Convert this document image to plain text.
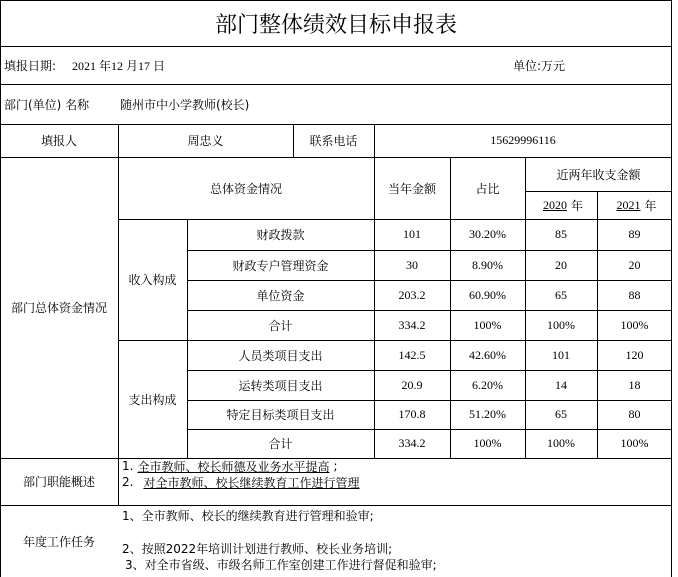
部门整体绩效目标申报表
填报日期:	2021 年12 月17 日	单位:万元
部门(单位) 名称	随州市中小学教师(校长)
填报人	周忠义	联系电话	15629996116
部门总体资金情况
总体资金情况	当年金额	占比
近两年收支金额
2020 年	2021 年
收入构成
财政拨款	101	30.20%	85	89
财政专户管理资金	30	8.90%	20	20
单位资金	203.2	60.90%	65	88
合计	334.2	100%	100%	100%
支出构成
人员类项目支出	142.5	42.60%	101	120
运转类项目支出	20.9	6.20%	14	18
特定目标类项目支出	170.8	51.20%	65	80
合计	334.2	100%	100%	100%
部门职能概述
1. 全市教师、校长师德及业务水平提高 ;
2. 对全市教师、校长继续教育工作进行管理
年度工作任务
1、全市教师、校长的继续教育进行管理和验审;
2、按照2022年培训计划进行教师、校长业务培训;
3、对全市省级、市级名师工作室创建工作进行督促和验审;
